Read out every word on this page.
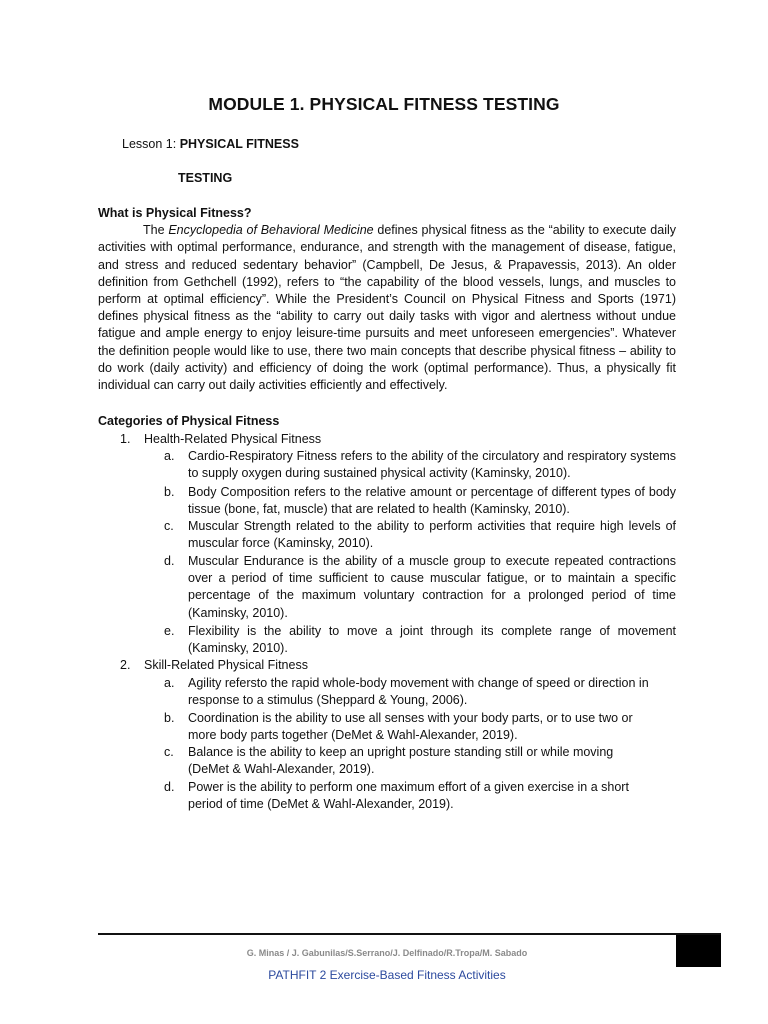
MODULE 1. PHYSICAL FITNESS TESTING
Lesson 1: PHYSICAL FITNESS
TESTING
What is Physical Fitness?

The Encyclopedia of Behavioral Medicine defines physical fitness as the “ability to execute daily activities with optimal performance, endurance, and strength with the management of disease, fatigue, and stress and reduced sedentary behavior” (Campbell, De Jesus, & Prapavessis, 2013). An older definition from Gethchell (1992), refers to “the capability of the blood vessels, lungs, and muscles to perform at optimal efficiency”. While the President’s Council on Physical Fitness and Sports (1971) defines physical fitness as the “ability to carry out daily tasks with vigor and alertness without undue fatigue and ample energy to enjoy leisure-time pursuits and meet unforeseen emergencies”. Whatever the definition people would like to use, there two main concepts that describe physical fitness – ability to do work (daily activity) and efficiency of doing the work (optimal performance). Thus, a physically fit individual can carry out daily activities efficiently and effectively.

Categories of Physical Fitness
1. Health-Related Physical Fitness
a. Cardio-Respiratory Fitness refers to the ability of the circulatory and respiratory systems to supply oxygen during sustained physical activity (Kaminsky, 2010).
b. Body Composition refers to the relative amount or percentage of different types of body tissue (bone, fat, muscle) that are related to health (Kaminsky, 2010).
c. Muscular Strength related to the ability to perform activities that require high levels of muscular force (Kaminsky, 2010).
d. Muscular Endurance is the ability of a muscle group to execute repeated contractions over a period of time sufficient to cause muscular fatigue, or to maintain a specific percentage of the maximum voluntary contraction for a prolonged period of time (Kaminsky, 2010).
e. Flexibility is the ability to move a joint through its complete range of movement (Kaminsky, 2010).
2. Skill-Related Physical Fitness
a. Agility refersto the rapid whole-body movement with change of speed or direction in response to a stimulus (Sheppard & Young, 2006).
b. Coordination is the ability to use all senses with your body parts, or to use two or more body parts together (DeMet & Wahl-Alexander, 2019).
c. Balance is the ability to keep an upright posture standing still or while moving (DeMet & Wahl-Alexander, 2019).
d. Power is the ability to perform one maximum effort of a given exercise in a short period of time (DeMet & Wahl-Alexander, 2019).
G. Minas / J. Gabunilas/S.Serrano/J. Delfinado/R.Tropa/M. Sabado
PATHFIT 2 Exercise-Based Fitness Activities
